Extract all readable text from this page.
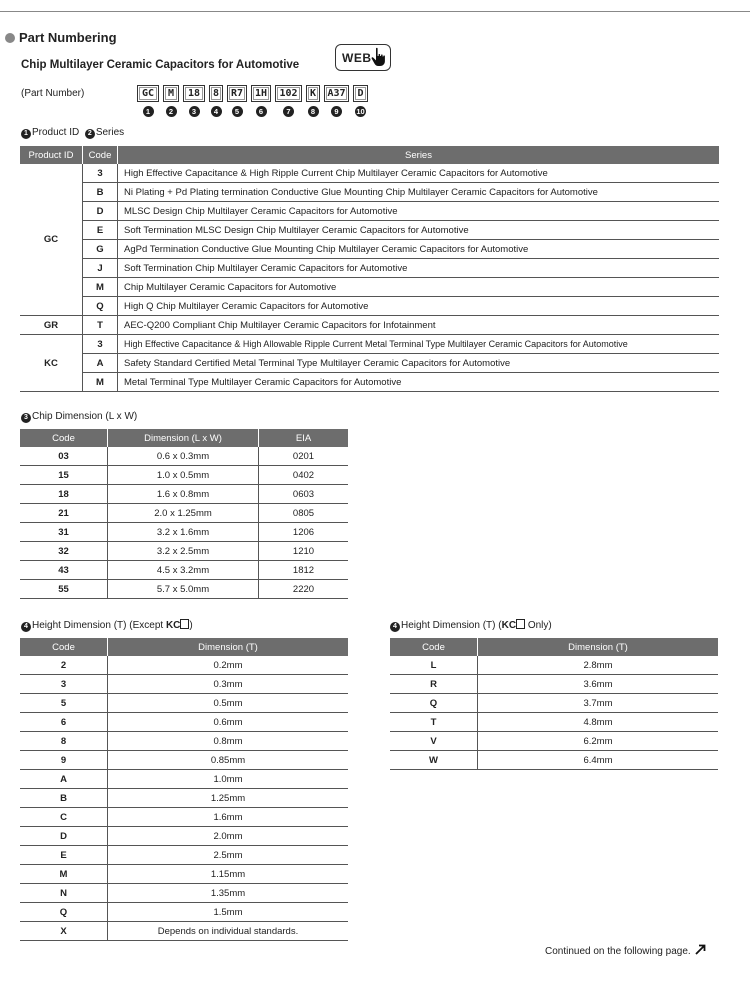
Part Numbering
Chip Multilayer Ceramic Capacitors for Automotive
WEB
(Part Number)	GC	M	18	8	R7	1H	102	K	A37	D
1	2	3	4	5	6	7	8	9	10
1 Product ID 2 Series
Product ID	Code	Series
GC	3	High Effective Capacitance & High Ripple Current Chip Multilayer Ceramic Capacitors for Automotive
	B	Ni Plating + Pd Plating termination Conductive Glue Mounting Chip Multilayer Ceramic Capacitors for Automotive
	D	MLSC Design Chip Multilayer Ceramic Capacitors for Automotive
	E	Soft Termination MLSC Design Chip Multilayer Ceramic Capacitors for Automotive
	G	AgPd Termination Conductive Glue Mounting Chip Multilayer Ceramic Capacitors for Automotive
	J	Soft Termination Chip Multilayer Ceramic Capacitors for Automotive
	M	Chip Multilayer Ceramic Capacitors for Automotive
	Q	High Q Chip Multilayer Ceramic Capacitors for Automotive
GR	T	AEC-Q200 Compliant Chip Multilayer Ceramic Capacitors for Infotainment
KC	3	High Effective Capacitance & High Allowable Ripple Current Metal Terminal Type Multilayer Ceramic Capacitors for Automotive
	A	Safety Standard Certified Metal Terminal Type Multilayer Ceramic Capacitors for Automotive
	M	Metal Terminal Type Multilayer Ceramic Capacitors for Automotive
3 Chip Dimension (L x W)
Code	Dimension (L x W)	EIA
03	0.6 x 0.3mm	0201
15	1.0 x 0.5mm	0402
18	1.6 x 0.8mm	0603
21	2.0 x 1.25mm	0805
31	3.2 x 1.6mm	1206
32	3.2 x 2.5mm	1210
43	4.5 x 3.2mm	1812
55	5.7 x 5.0mm	2220
4 Height Dimension (T) (Except KC )
Code	Dimension (T)
2	0.2mm
3	0.3mm
5	0.5mm
6	0.6mm
8	0.8mm
9	0.85mm
A	1.0mm
B	1.25mm
C	1.6mm
D	2.0mm
E	2.5mm
M	1.15mm
N	1.35mm
Q	1.5mm
X	Depends on individual standards.
4 Height Dimension (T) (KC Only)
Code	Dimension (T)
L	2.8mm
R	3.6mm
Q	3.7mm
T	4.8mm
V	6.2mm
W	6.4mm
Continued on the following page.
